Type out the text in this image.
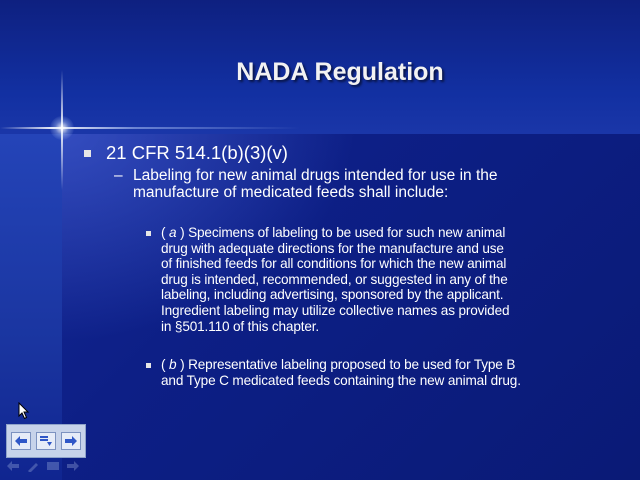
NADA Regulation
21 CFR 514.1(b)(3)(v)
– Labeling for new animal drugs intended for use in the
manufacture of medicated feeds shall include:
( a ) Specimens of labeling to be used for such new animal
drug with adequate directions for the manufacture and use
of finished feeds for all conditions for which the new animal
drug is intended, recommended, or suggested in any of the
labeling, including advertising, sponsored by the applicant.
Ingredient labeling may utilize collective names as provided
in §501.110 of this chapter.
( b ) Representative labeling proposed to be used for Type B
and Type C medicated feeds containing the new animal drug.
